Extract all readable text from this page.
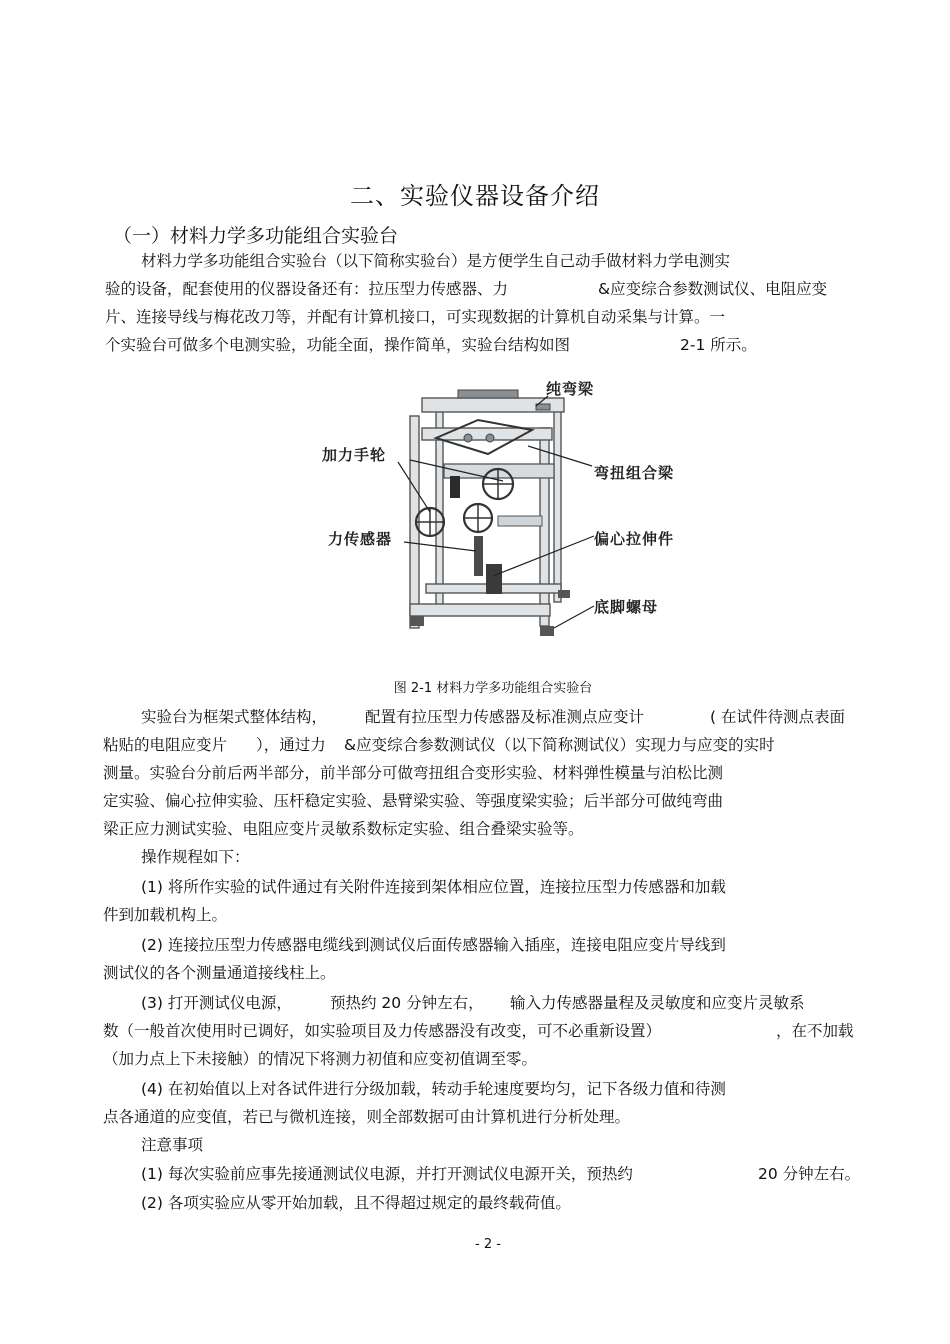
二、实验仪器设备介绍
（一）材料力学多功能组合实验台
材料力学多功能组合实验台（以下简称实验台）是方便学生自己动手做材料力学电测实
验的设备，配套使用的仪器设备还有：拉压型力传感器、力	&应变综合参数测试仪、电阻应变
片、连接导线与梅花改刀等，并配有计算机接口，可实现数据的计算机自动采集与计算。一
个实验台可做多个电测实验，功能全面，操作简单，实验台结构如图	2-1 所示。
纯弯梁
加力手轮
弯扭组合梁
力传感器	偏心拉伸件
底脚螺母
图 2-1 材料力学多功能组合实验台
实验台为框架式整体结构， 配置有拉压型力传感器及标准测点应变计	( 在试件待测点表面
粘贴的电阻应变片 ），通过力 &应变综合参数测试仪（以下简称测试仪）实现力与应变的实时
测量。实验台分前后两半部分，前半部分可做弯扭组合变形实验、材料弹性模量与泊松比测
定实验、偏心拉伸实验、压杆稳定实验、悬臂梁实验、等强度梁实验；后半部分可做纯弯曲
梁正应力测试实验、电阻应变片灵敏系数标定实验、组合叠梁实验等。
操作规程如下：
(1) 将所作实验的试件通过有关附件连接到架体相应位置，连接拉压型力传感器和加载
件到加载机构上。
(2) 连接拉压型力传感器电缆线到测试仪后面传感器输入插座，连接电阻应变片导线到
测试仪的各个测量通道接线柱上。
(3) 打开测试仪电源， 预热约 20 分钟左右， 输入力传感器量程及灵敏度和应变片灵敏系
数（一般首次使用时已调好，如实验项目及力传感器没有改变，可不必重新设置）	，在不加载
（加力点上下未接触）的情况下将测力初值和应变初值调至零。
(4) 在初始值以上对各试件进行分级加载，转动手轮速度要均匀，记下各级力值和待测
点各通道的应变值，若已与微机连接，则全部数据可由计算机进行分析处理。
注意事项
(1) 每次实验前应事先接通测试仪电源，并打开测试仪电源开关，预热约	20 分钟左右。
(2) 各项实验应从零开始加载，且不得超过规定的最终载荷值。
- 2 -
